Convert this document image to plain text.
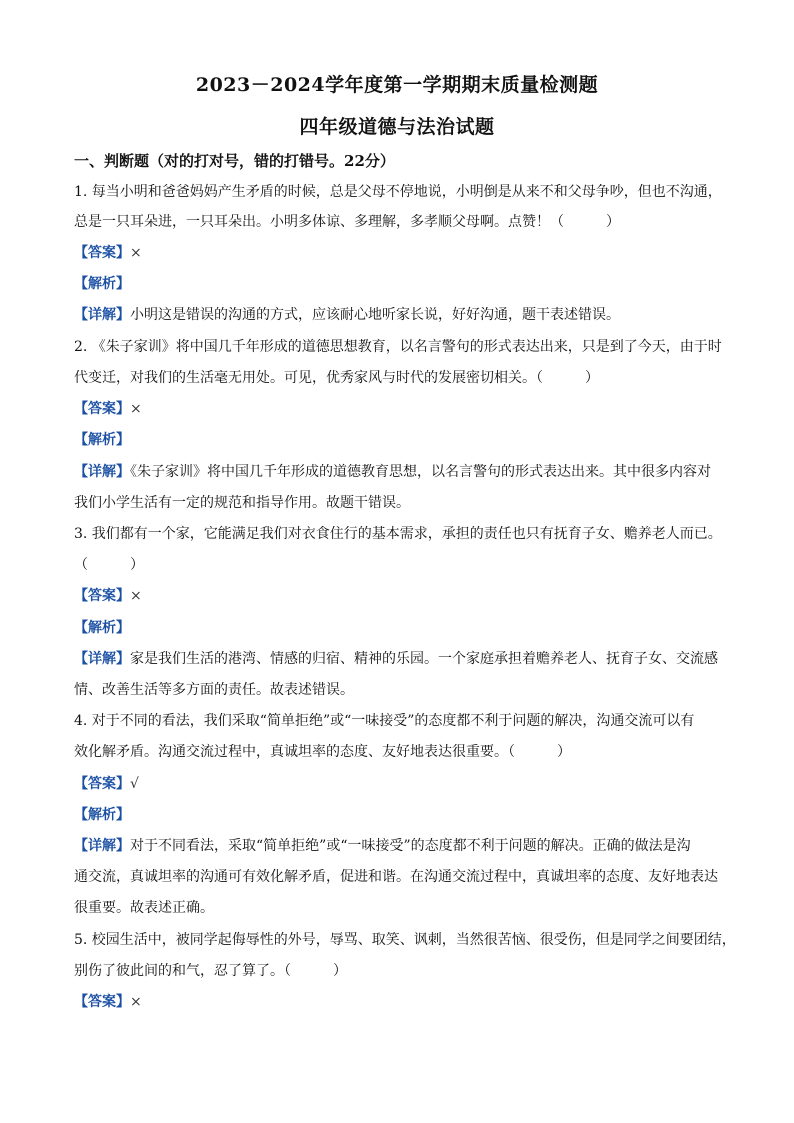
2023－2024学年度第一学期期末质量检测题
四年级道德与法治试题
一、判断题（对的打对号，错的打错号。22分）
1. 每当小明和爸爸妈妈产生矛盾的时候，总是父母不停地说，小明倒是从来不和父母争吵，但也不沟通，
总是一只耳朵进，一只耳朵出。小明多体谅、多理解，多孝顺父母啊。点赞！（　　　）
【答案】×
【解析】
【详解】小明这是错误的沟通的方式，应该耐心地听家长说，好好沟通，题干表述错误。
2. 《朱子家训》将中国几千年形成的道德思想教育，以名言警句的形式表达出来，只是到了今天，由于时
代变迁，对我们的生活毫无用处。可见，优秀家风与时代的发展密切相关。（　　　）
【答案】×
【解析】
【详解】《朱子家训》将中国几千年形成的道德教育思想，以名言警句的形式表达出来。其中很多内容对
我们小学生活有一定的规范和指导作用。故题干错误。
3. 我们都有一个家，它能满足我们对衣食住行的基本需求，承担的责任也只有抚育子女、赡养老人而已。
（　　　）
【答案】×
【解析】
【详解】家是我们生活的港湾、情感的归宿、精神的乐园。一个家庭承担着赡养老人、抚育子女、交流感
情、改善生活等多方面的责任。故表述错误。
4. 对于不同的看法，我们采取“简单拒绝”或“一味接受”的态度都不利于问题的解决，沟通交流可以有
效化解矛盾。沟通交流过程中，真诚坦率的态度、友好地表达很重要。（　　　）
【答案】√
【解析】
【详解】对于不同看法，采取“简单拒绝”或“一味接受”的态度都不利于问题的解决。正确的做法是沟
通交流，真诚坦率的沟通可有效化解矛盾，促进和谐。在沟通交流过程中，真诚坦率的态度、友好地表达
很重要。故表述正确。
5. 校园生活中，被同学起侮辱性的外号，辱骂、取笑、讽刺，当然很苦恼、很受伤，但是同学之间要团结，
别伤了彼此间的和气，忍了算了。（　　　）
【答案】×
